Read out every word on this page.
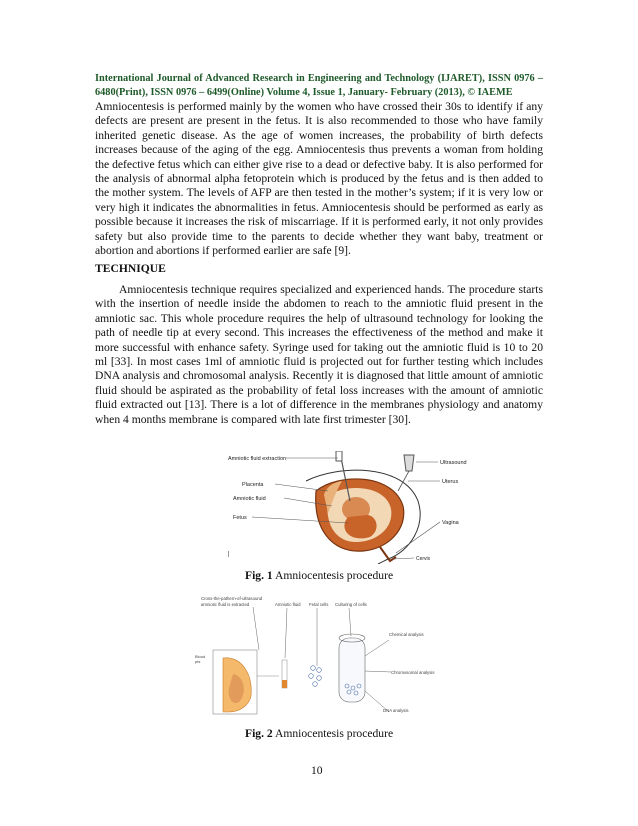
International Journal of Advanced Research in Engineering and Technology (IJARET), ISSN 0976 – 6480(Print), ISSN 0976 – 6499(Online) Volume 4, Issue 1, January- February (2013), © IAEME

Amniocentesis is performed mainly by the women who have crossed their 30s to identify if any defects are present are present in the fetus. It is also recommended to those who have family inherited genetic disease. As the age of women increases, the probability of birth defects increases because of the aging of the egg. Amniocentesis thus prevents a woman from holding the defective fetus which can either give rise to a dead or defective baby. It is also performed for the analysis of abnormal alpha fetoprotein which is produced by the fetus and is then added to the mother system. The levels of AFP are then tested in the mother’s system; if it is very low or very high it indicates the abnormalities in fetus. Amniocentesis should be performed as early as possible because it increases the risk of miscarriage. If it is performed early, it not only provides safety but also provide time to the parents to decide whether they want baby, treatment or abortion and abortions if performed earlier are safe [9].

TECHNIQUE

Amniocentesis technique requires specialized and experienced hands. The procedure starts with the insertion of needle inside the abdomen to reach to the amniotic fluid present in the amniotic sac. This whole procedure requires the help of ultrasound technology for looking the path of needle tip at every second. This increases the effectiveness of the method and make it more successful with enhance safety. Syringe used for taking out the amniotic fluid is 10 to 20 ml [33]. In most cases 1ml of amniotic fluid is projected out for further testing which includes DNA analysis and chromosomal analysis. Recently it is diagnosed that little amount of amniotic fluid should be aspirated as the probability of fetal loss increases with the amount of amniotic fluid extracted out [13]. There is a lot of difference in the membranes physiology and anatomy when 4 months membrane is compared with late first trimester [30].

Amniotic fluid extraction
Ultrasound
Uterus
Placenta
Amniotic fluid
Fetus
Vagina
Cervix
Fig. 1 Amniocentesis procedure
Cross-the-pathern-of-ultrasound
amniotic fluid is extracted	Amniotic fluid Fetal cells Culturing of cells
Blood
pts
Chemical analysis
Chromosomal analysis
DNA analysis
Fig. 2 Amniocentesis procedure
10
